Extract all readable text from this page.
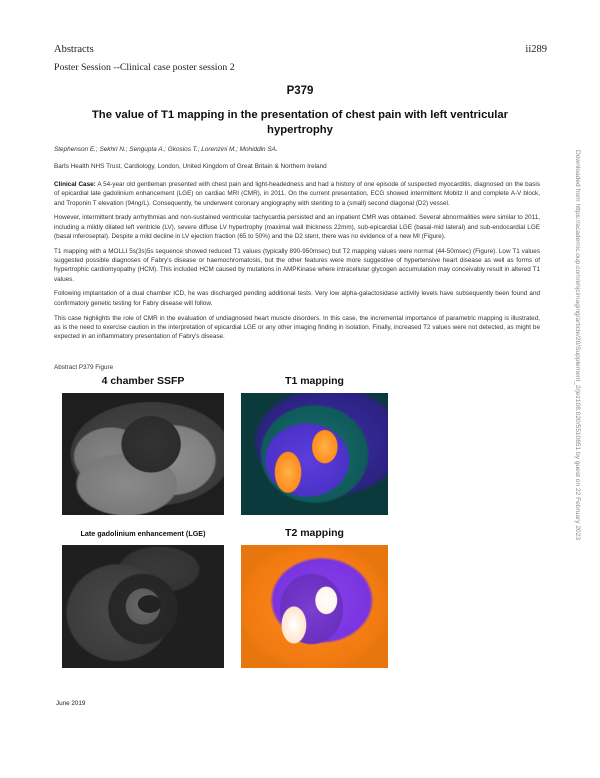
Abstracts	ii289
Poster Session --Clinical case poster session 2
P379
The value of T1 mapping in the presentation of chest pain with left ventricular hypertrophy
Stephenson E.; Sekhri N.; Sengupta A.; Gkosios T.; Lorenzini M.; Mohiddin SA.
Barts Health NHS Trust, Cardiology, London, United Kingdom of Great Britain & Northern Ireland

Clinical Case: A 54-year old gentleman presented with chest pain and light-headedness and had a history of one episode of suspected myocarditis, diagnosed on the basis of epicardial late gadolinium enhancement (LGE) on cardiac MRI (CMR), in 2011. On the current presentation, ECG showed intermittent Mobitz II and complete A-V block, and Troponin T elevation (94ng/L). Consequently, he underwent coronary angiography with stenting to a (small) second diagonal (D2) vessel.

However, intermittent brady arrhythmias and non-sustained ventricular tachycardia persisted and an inpatient CMR was obtained. Several abnormalities were similar to 2011, including a mildly dilated left ventricle (LV), severe diffuse LV hypertrophy (maximal wall thickness 22mm), sub-epicardial LGE (basal-mid lateral) and sub-endocardial LGE (basal inferoseptal). Despite a mild decline in LV ejection fraction (65 to 50%) and the D2 stent, there was no evidence of a new MI (Figure).

T1 mapping with a MOLLI 5s(3s)5s sequence showed reduced T1 values (typically 890-950msec) but T2 mapping values were normal (44-50msec) (Figure). Low T1 values suggested possible diagnoses of Fabry's disease or haemochromatosis, but the other features were more suggestive of hypertensive heart disease as well as forms of hypertrophic cardiomyopathy (HCM). This included HCM caused by mutations in AMPKinase where intracellular glycogen accumulation may conceivably result in altered T1 values.

Following implantation of a dual chamber ICD, he was discharged pending additional tests. Very low alpha-galactosidase activity levels have subsequently been found and confirmatory genetic testing for Fabry disease will follow.

This case highlights the role of CMR in the evaluation of undiagnosed heart muscle disorders. In this case, the incremental importance of parametric mapping is illustrated, as is the need to exercise caution in the interpretation of epicardial LGE or any other imaging finding in isolation. Finally, increased T2 values were not detected, as might be expected in an inflammatory presentation of Fabry's disease.

Abstract P379 Figure
4 chamber SSFP	T1 mapping
Late gadolinium enhancement (LGE)	T2 mapping
June 2019
Downloaded from https://academic.oup.com/ehjcimaging/article/20/Supplement_2/jez108.020/5510851 by guest on 22 February 2023
